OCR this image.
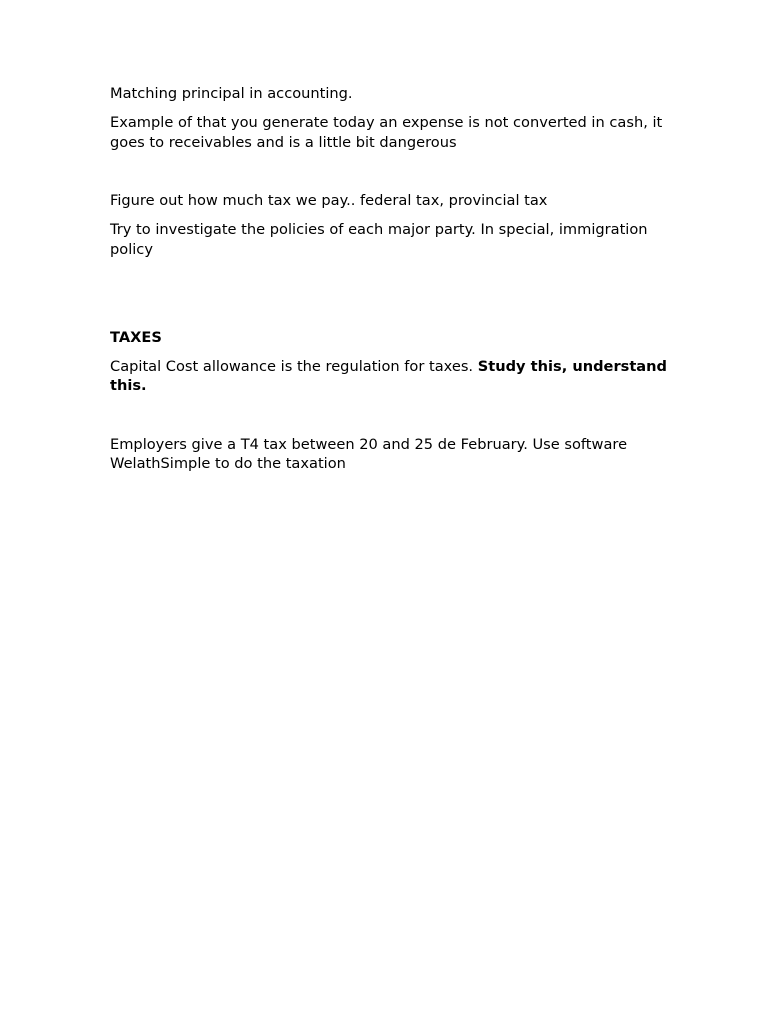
Matching principal in accounting.

Example of that you generate today an expense is not converted in cash, it goes to receivables and is a little bit dangerous

Figure out how much tax we pay.. federal tax, provincial tax

Try to investigate the policies of each major party. In special, immigration policy

TAXES

Capital Cost allowance is the regulation for taxes. Study this, understand this.

Employers give a T4 tax between 20 and 25 de February. Use software WelathSimple to do the taxation
